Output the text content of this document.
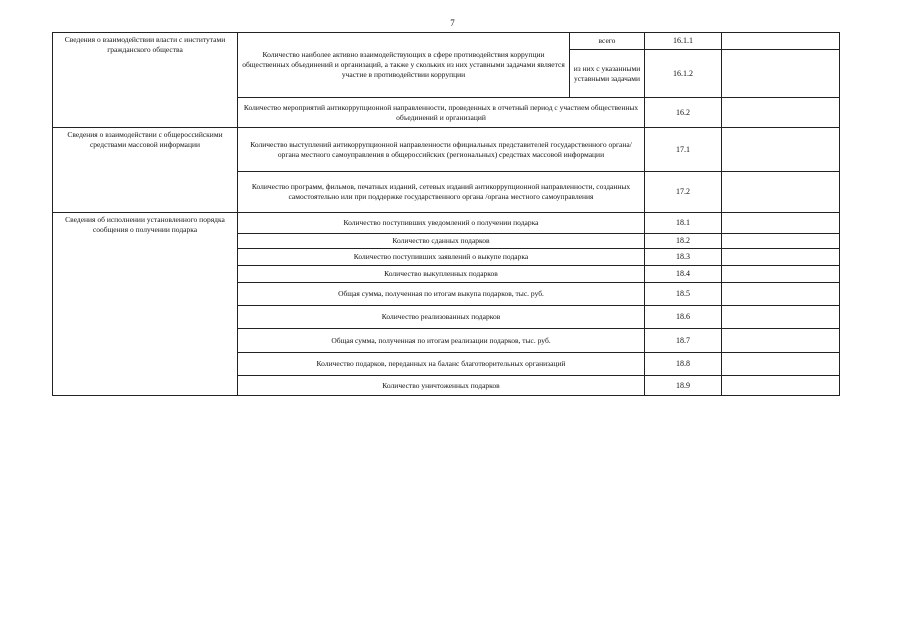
7
Сведения о взаимодействии власти с институтами гражданского общества	Количество наиболее активно взаимодействующих в сфере противодействия коррупции общественных объединений и организаций, а также у скольких из них уставными задачами является участие в противодействии коррупции	всего	16.1.1	
		из них с указанными уставными задачами	16.1.2	
	Количество мероприятий антикоррупционной направленности, проведенных в отчетный период с участием общественных объединений и организаций		16.2	
Сведения о взаимодействии с общероссийскими средствами массовой информации	Количество выступлений антикоррупционной направленности официальных представителей государственного органа/ органа местного самоуправления в общероссийских (региональных) средствах массовой информации		17.1	
	Количество программ, фильмов, печатных изданий, сетевых изданий антикоррупционной направленности, созданных самостоятельно или при поддержке государственного органа /органа местного самоуправления		17.2	
Сведения об исполнении установленного порядка сообщения о получении подарка	Количество поступивших уведомлений о получении подарка		18.1	
	Количество сданных подарков		18.2	
	Количество поступивших заявлений о выкупе подарка		18.3	
	Количество выкупленных подарков		18.4	
	Общая сумма, полученная по итогам выкупа подарков, тыс. руб.		18.5	
	Количество реализованных подарков		18.6	
	Общая сумма, полученная по итогам реализации подарков, тыс. руб.		18.7	
	Количество подарков, переданных на баланс благотворительных организаций		18.8	
	Количество уничтоженных подарков		18.9	
